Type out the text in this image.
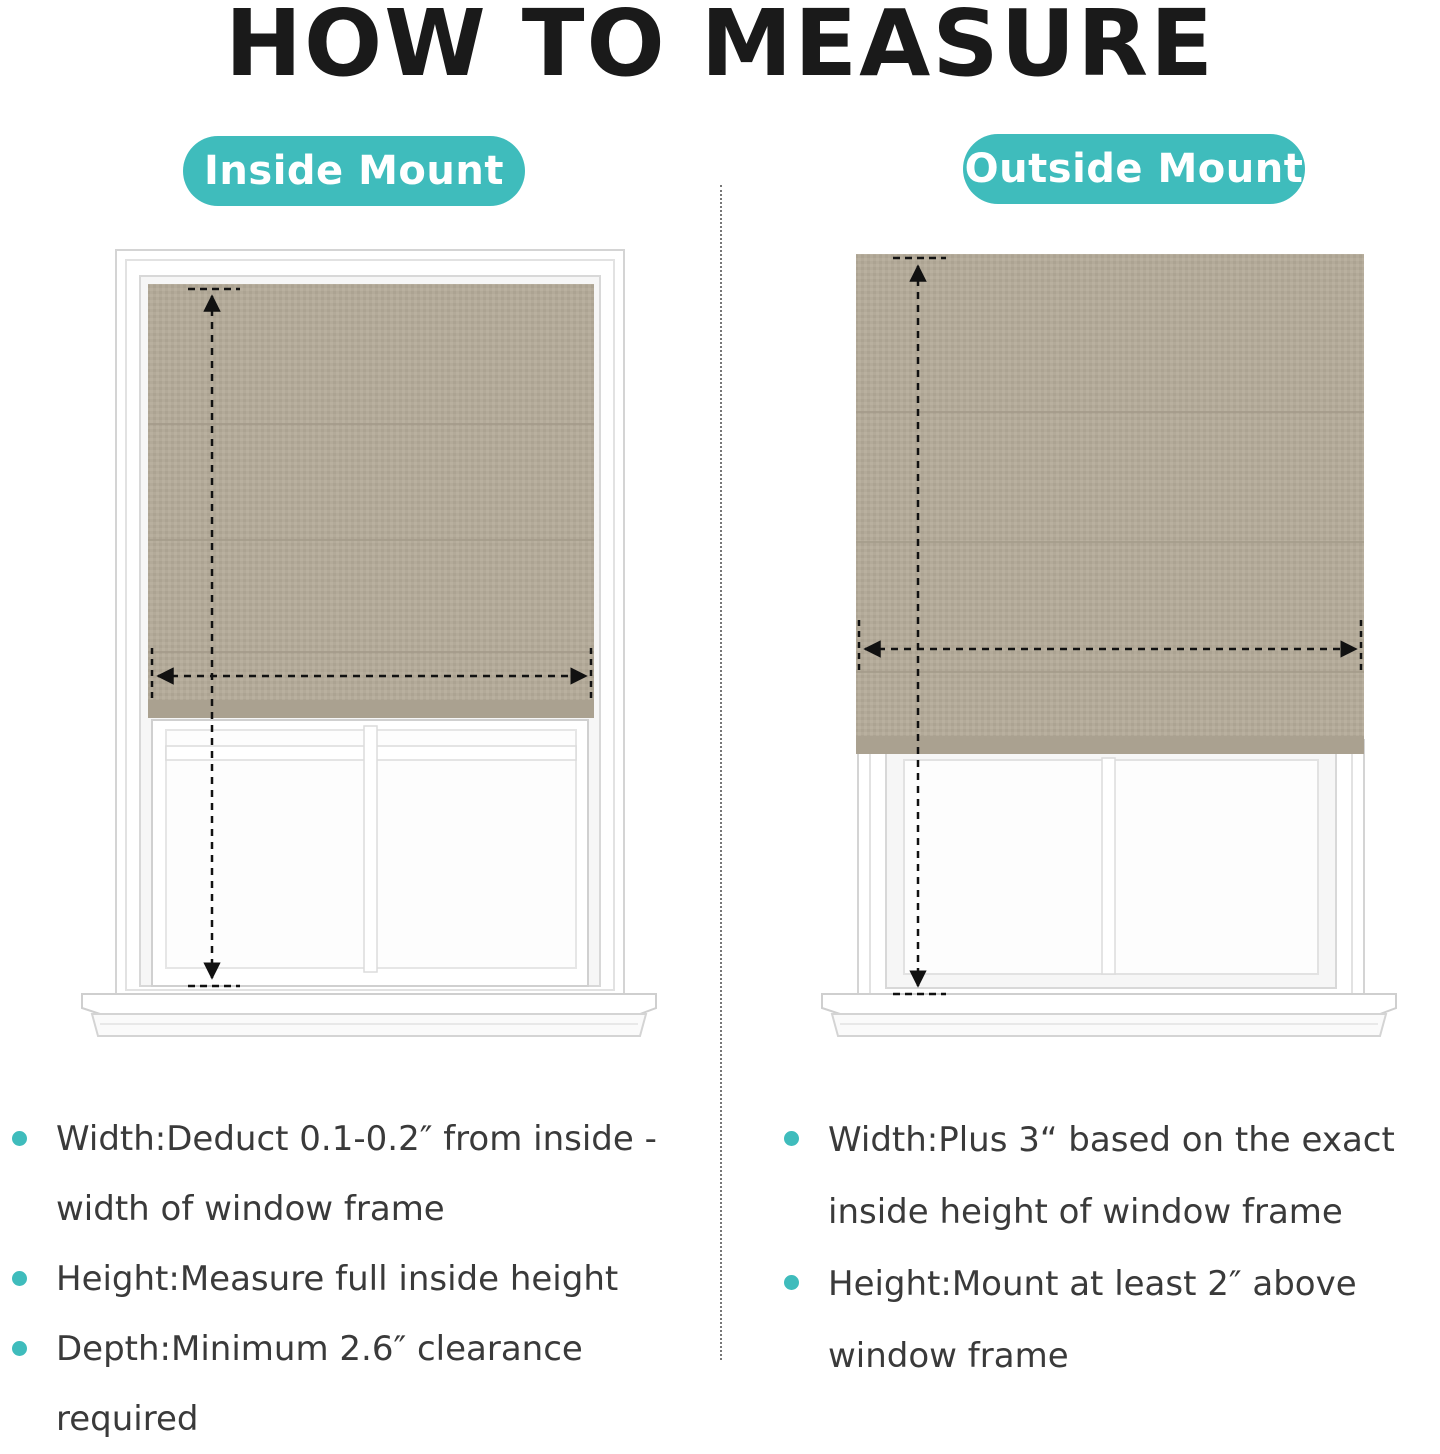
HOW TO MEASURE
Inside Mount	Outside Mount
Width:Deduct 0.1-0.2″ from inside - width of window frame
Height:Measure full inside height
Depth:Minimum 2.6″ clearance required
Width:Plus 3“ based on the exact inside height of window frame
Height:Mount at least 2″ above window frame
